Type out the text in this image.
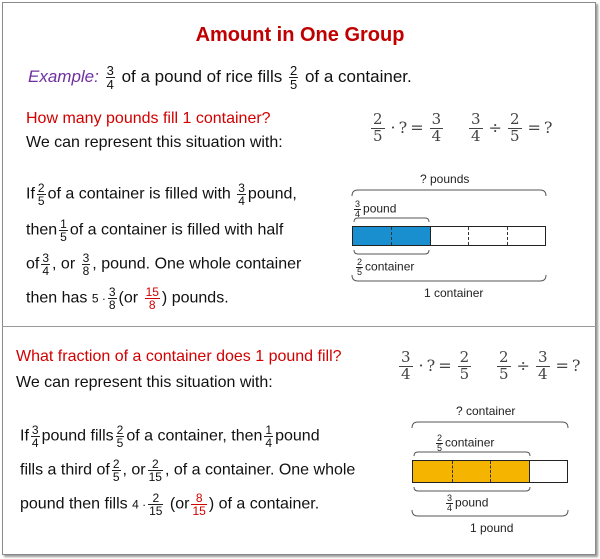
Amount in One Group
Example: $\frac{3}{4}$ of a pound of rice fills $\frac{2}{5}$ of a container.
How many pounds fill 1 container?
We can represent this situation with:	$\frac{2}{5}$ · ? = $\frac{3}{4} \frac{3}{4} \div \frac{2}{5}$ = ?
If $\frac{2}{5}$ of a container is filled with $\frac{3}{4}$ pound,
then $\frac{1}{5}$ of a container is filled with half
of $\frac{3}{4}$ , or $\frac{3}{8}$ , pound. One whole container
then has $5 \cdot \frac{3}{8} (or \frac{15}{8}$ ) pounds.
? pounds
$\frac{3}{4}$ pound
$\frac{2}{5}$ container
1 container
What fraction of a container does 1 pound fill?
We can represent this situation with:	$\frac{3}{4}$ · ? = $\frac{2}{5} \frac{2}{5} \div \frac{3}{4}$ = ?
If $\frac{3}{4}$ pound fills $\frac{2}{5}$ of a container, then $\frac{1}{4}$ pound
fills a third of $\frac{2}{5}$ , or $\frac{2}{15}$ , of a container. One whole
pound then fills $4 \cdot \frac{2}{15} (or \frac{8}{15}$ ) of a container.
? container
$\frac{2}{5}$ container
$\frac{3}{4}$ pound
1 pound
